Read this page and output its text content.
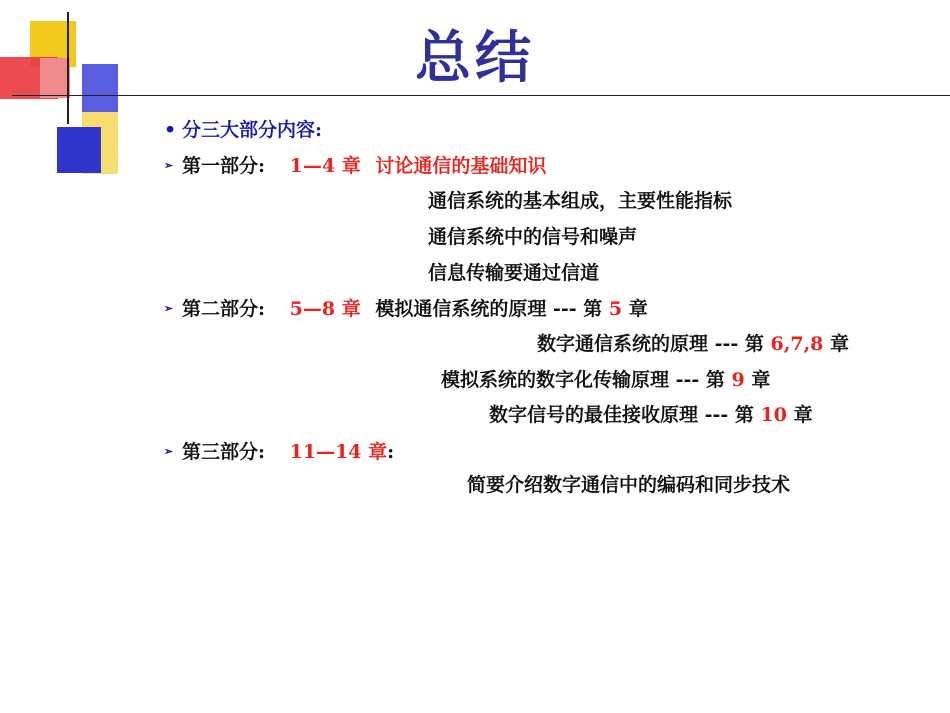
总结
• 分三大部分内容:
➢ 第一部分: 1—4 章 讨论通信的基础知识
通信系统的基本组成，主要性能指标
通信系统中的信号和噪声
信息传输要通过信道
➢ 第二部分: 5—8 章 模拟通信系统的原理 --- 第 5 章
数字通信系统的原理 --- 第 6,7,8 章
模拟系统的数字化传输原理 --- 第 9 章
数字信号的最佳接收原理 --- 第 10 章
➢ 第三部分: 11—14 章:
简要介绍数字通信中的编码和同步技术
